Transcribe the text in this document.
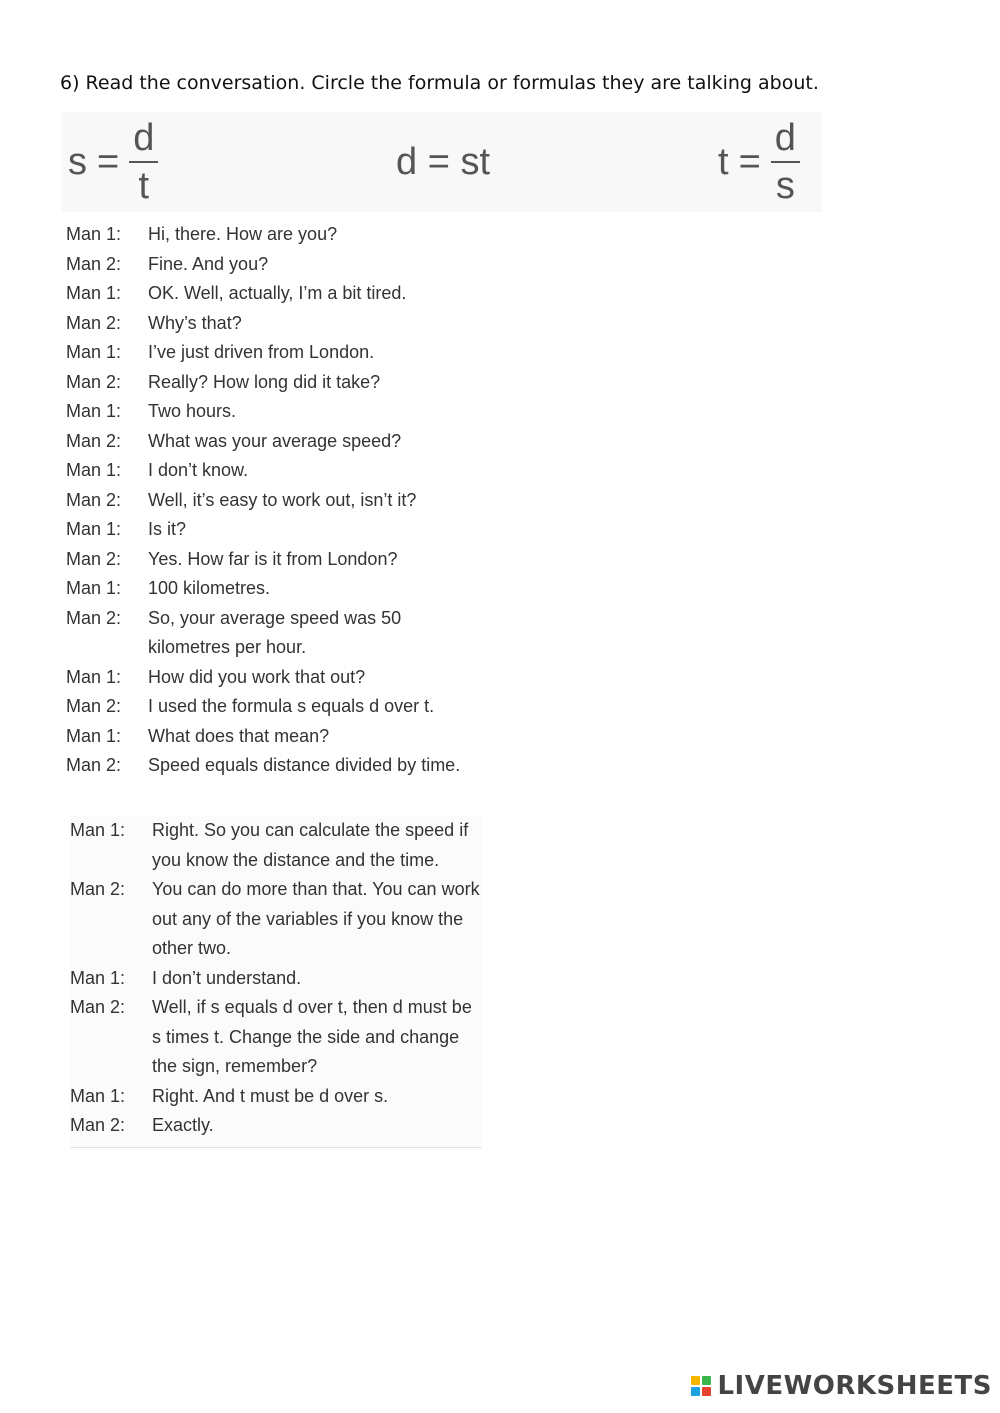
6) Read the conversation. Circle the formula or formulas they are talking about.
$s = \frac{d}{t}$	d = st	$t = \frac{d}{s}$
Man 1:	Hi, there. How are you?
Man 2:	Fine. And you?
Man 1:	OK. Well, actually, I’m a bit tired.
Man 2:	Why’s that?
Man 1:	I’ve just driven from London.
Man 2:	Really? How long did it take?
Man 1:	Two hours.
Man 2:	What was your average speed?
Man 1:	I don’t know.
Man 2:	Well, it’s easy to work out, isn’t it?
Man 1:	Is it?
Man 2:	Yes. How far is it from London?
Man 1:	100 kilometres.
Man 2:	So, your average speed was 50 kilometres per hour.
Man 1:	How did you work that out?
Man 2:	I used the formula s equals d over t.
Man 1:	What does that mean?
Man 2:	Speed equals distance divided by time.
Man 1:	Right. So you can calculate the speed if you know the distance and the time.
Man 2:	You can do more than that. You can work out any of the variables if you know the other two.
Man 1:	I don’t understand.
Man 2:	Well, if s equals d over t, then d must be s times t. Change the side and change the sign, remember?
Man 1:	Right. And t must be d over s.
Man 2:	Exactly.
LIVEWORKSHEETS
